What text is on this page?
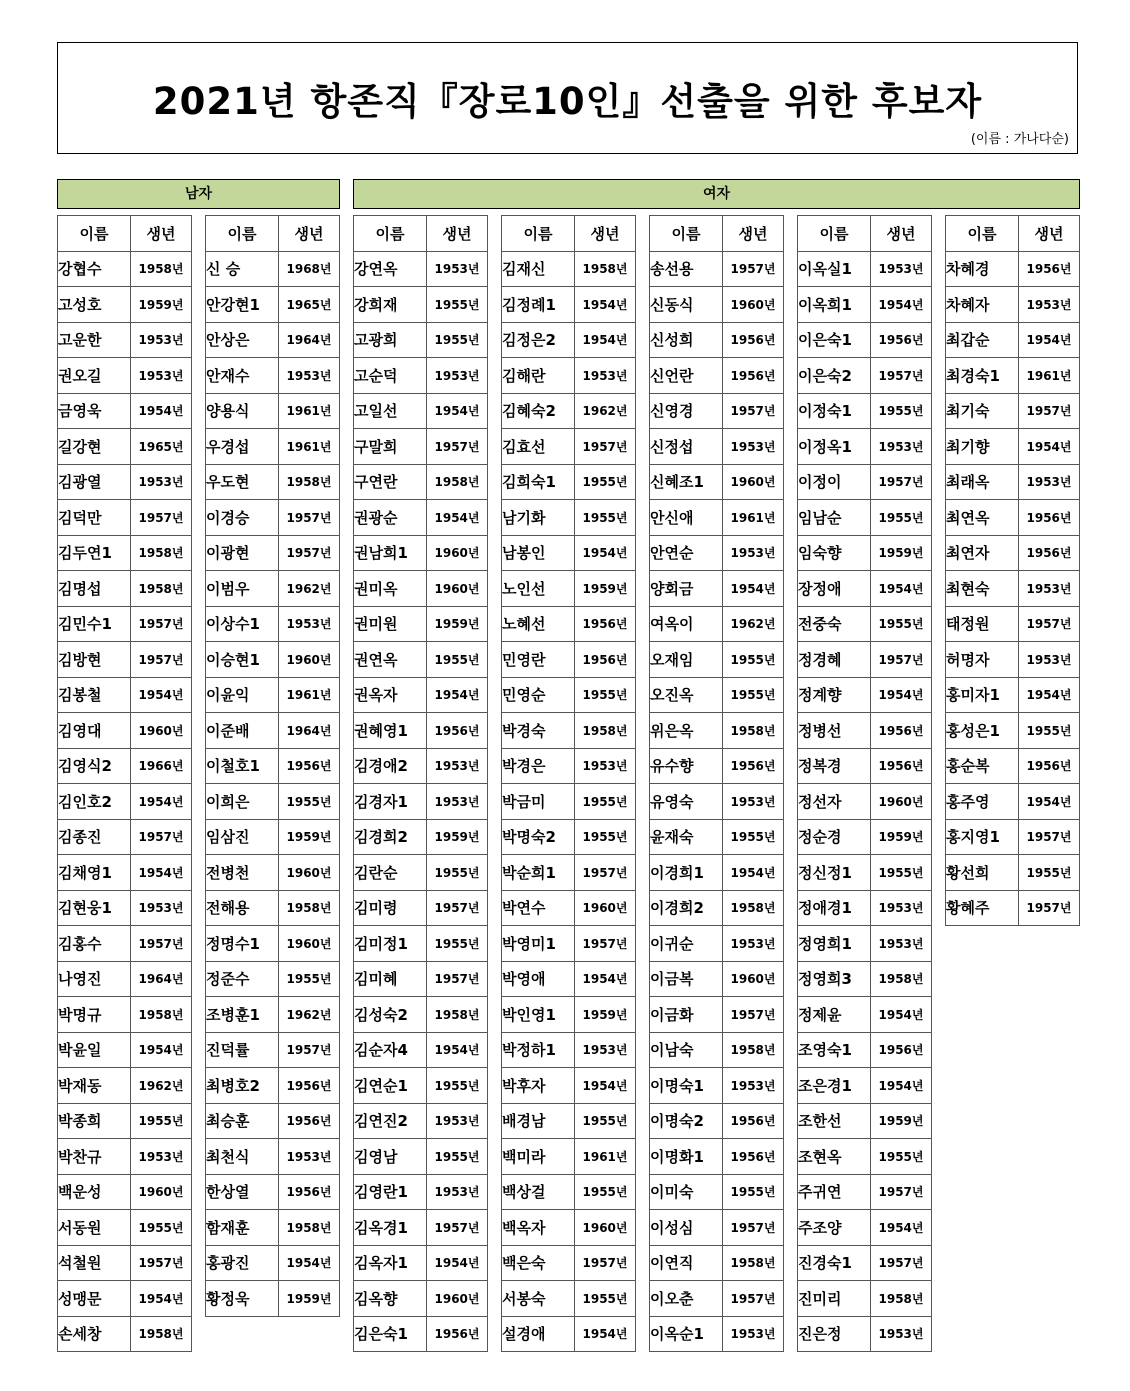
2021년 항존직『장로10인』선출을 위한 후보자
(이름 : 가나다순)
남자	여자
이름	생년
강협수	1958년
고성호	1959년
고운한	1953년
권오길	1953년
금영욱	1954년
길강현	1965년
김광열	1953년
김덕만	1957년
김두연1	1958년
김명섭	1958년
김민수1	1957년
김방현	1957년
김봉철	1954년
김영대	1960년
김영식2	1966년
김인호2	1954년
김종진	1957년
김채영1	1954년
김현웅1	1953년
김홍수	1957년
나영진	1964년
박명규	1958년
박윤일	1954년
박재동	1962년
박종희	1955년
박찬규	1953년
백운성	1960년
서동원	1955년
석철원	1957년
성맹문	1954년
손세창	1958년
이름	생년
신 승	1968년
안강현1	1965년
안상은	1964년
안재수	1953년
양용식	1961년
우경섭	1961년
우도현	1958년
이경승	1957년
이광현	1957년
이범우	1962년
이상수1	1953년
이승현1	1960년
이윤익	1961년
이준배	1964년
이철호1	1956년
이희은	1955년
임삼진	1959년
전병천	1960년
전해용	1958년
정명수1	1960년
정준수	1955년
조병훈1	1962년
진덕률	1957년
최병호2	1956년
최승훈	1956년
최천식	1953년
한상열	1956년
함재훈	1958년
홍광진	1954년
황정욱	1959년
이름	생년
강연옥	1953년
강희재	1955년
고광희	1955년
고순덕	1953년
고일선	1954년
구말희	1957년
구연란	1958년
권광순	1954년
권남희1	1960년
권미옥	1960년
권미원	1959년
권연옥	1955년
권옥자	1954년
권혜영1	1956년
김경애2	1953년
김경자1	1953년
김경희2	1959년
김란순	1955년
김미령	1957년
김미정1	1955년
김미혜	1957년
김성숙2	1958년
김순자4	1954년
김연순1	1955년
김연진2	1953년
김영남	1955년
김영란1	1953년
김옥경1	1957년
김옥자1	1954년
김옥향	1960년
김은숙1	1956년
이름	생년
김재신	1958년
김정례1	1954년
김정은2	1954년
김해란	1953년
김혜숙2	1962년
김효선	1957년
김희숙1	1955년
남기화	1955년
남봉인	1954년
노인선	1959년
노혜선	1956년
민영란	1956년
민영순	1955년
박경숙	1958년
박경은	1953년
박금미	1955년
박명숙2	1955년
박순희1	1957년
박연수	1960년
박영미1	1957년
박영애	1954년
박인영1	1959년
박정하1	1953년
박후자	1954년
배경남	1955년
백미라	1961년
백상걸	1955년
백옥자	1960년
백은숙	1957년
서봉숙	1955년
설경애	1954년
이름	생년
송선용	1957년
신동식	1960년
신성희	1956년
신언란	1956년
신영경	1957년
신정섭	1953년
신혜조1	1960년
안신애	1961년
안연순	1953년
양회금	1954년
여옥이	1962년
오재임	1955년
오진옥	1955년
위은옥	1958년
유수향	1956년
유영숙	1953년
윤재숙	1955년
이경희1	1954년
이경희2	1958년
이귀순	1953년
이금복	1960년
이금화	1957년
이남숙	1958년
이명숙1	1953년
이명숙2	1956년
이명화1	1956년
이미숙	1955년
이성심	1957년
이연직	1958년
이오춘	1957년
이옥순1	1953년
이름	생년
이옥실1	1953년
이옥희1	1954년
이은숙1	1956년
이은숙2	1957년
이정숙1	1955년
이정옥1	1953년
이정이	1957년
임남순	1955년
임숙향	1959년
장정애	1954년
전중숙	1955년
정경혜	1957년
정계향	1954년
정병선	1956년
정복경	1956년
정선자	1960년
정순경	1959년
정신정1	1955년
정애경1	1953년
정영희1	1953년
정영희3	1958년
정제윤	1954년
조영숙1	1956년
조은경1	1954년
조한선	1959년
조현옥	1955년
주귀연	1957년
주조양	1954년
진경숙1	1957년
진미리	1958년
진은정	1953년
이름	생년
차혜경	1956년
차혜자	1953년
최갑순	1954년
최경숙1	1961년
최기숙	1957년
최기향	1954년
최래옥	1953년
최연옥	1956년
최연자	1956년
최현숙	1953년
태정원	1957년
허명자	1953년
홍미자1	1954년
홍성은1	1955년
홍순복	1956년
홍주영	1954년
홍지영1	1957년
황선희	1955년
황혜주	1957년
